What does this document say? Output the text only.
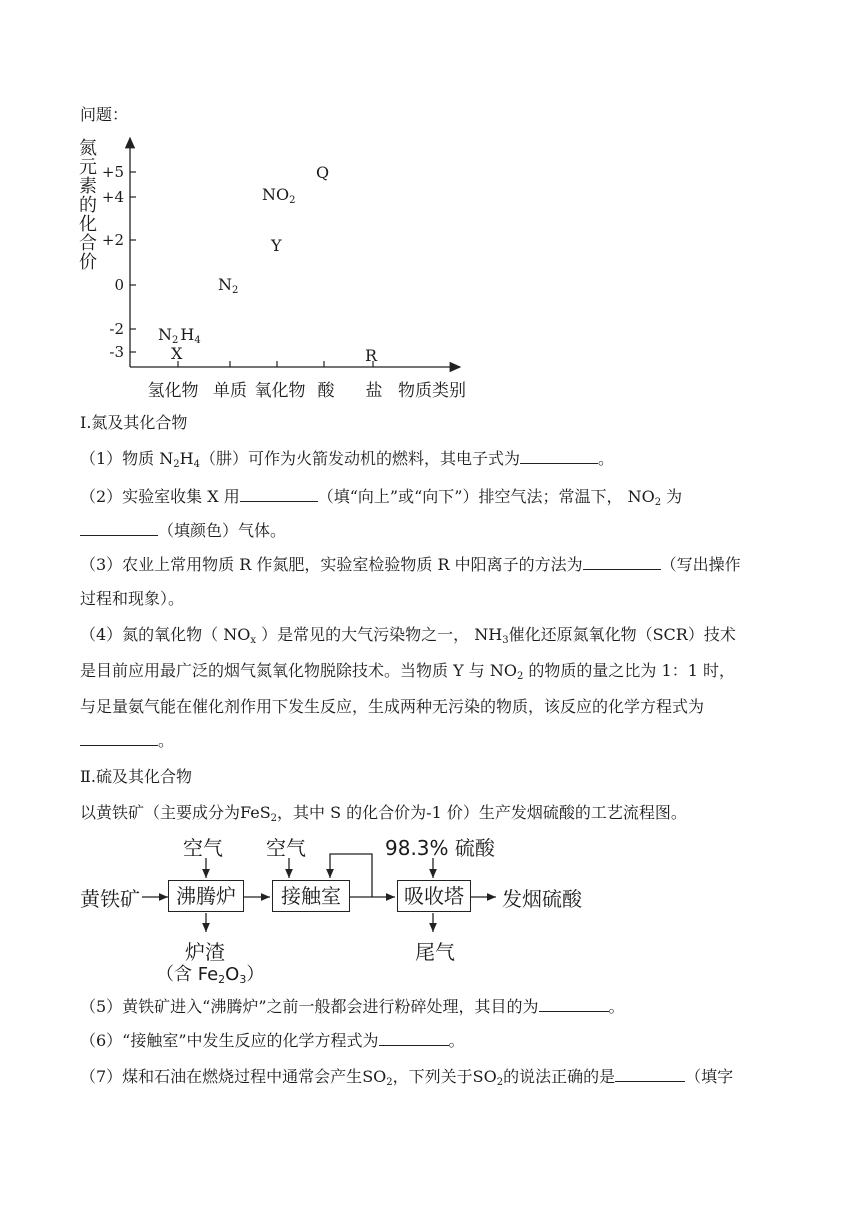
问题：
+5
+4
+2
0
-2
-3
氮
元
素
的
化
合
价
N2 H4
X
N2
NO2
Y
Q
R
氢化物 单质 氧化物 酸 盐 物质类别
Ⅰ.氮及其化合物
（1）物质 $N_2H_4$（肼）可作为火箭发动机的燃料，其电子式为	。
（2）实验室收集 X 用	（填“向上”或“向下”）排空气法；常温下， $NO_2$ 为
（填颜色）气体。
（3）农业上常用物质 R 作氮肥，实验室检验物质 R 中阳离子的方法为	（写出操作
过程和现象）。
（4）氮的氧化物（ $NO_x$ ）是常见的大气污染物之一， $NH_3$催化还原氮氧化物（SCR）技术
是目前应用最广泛的烟气氮氧化物脱除技术。当物质 Y 与 $NO_2$ 的物质的量之比为 1：1 时，
与足量氨气能在催化剂作用下发生反应，生成两种无污染的物质，该反应的化学方程式为
。
Ⅱ.硫及其化合物
以黄铁矿（主要成分为FeS$_2$，其中 S 的化合价为-1 价）生产发烟硫酸的工艺流程图。
空气 空气	98.3% 硫酸
黄铁矿	沸腾炉	接触室	吸收塔	发烟硫酸
炉渣
（含 $Fe_2O_3$）
尾气
（5）黄铁矿进入“沸腾炉”之前一般都会进行粉碎处理，其目的为	。
（6）“接触室”中发生反应的化学方程式为	。
（7）煤和石油在燃烧过程中通常会产生$SO_2$，下列关于$SO_2$的说法正确的是	（填字
